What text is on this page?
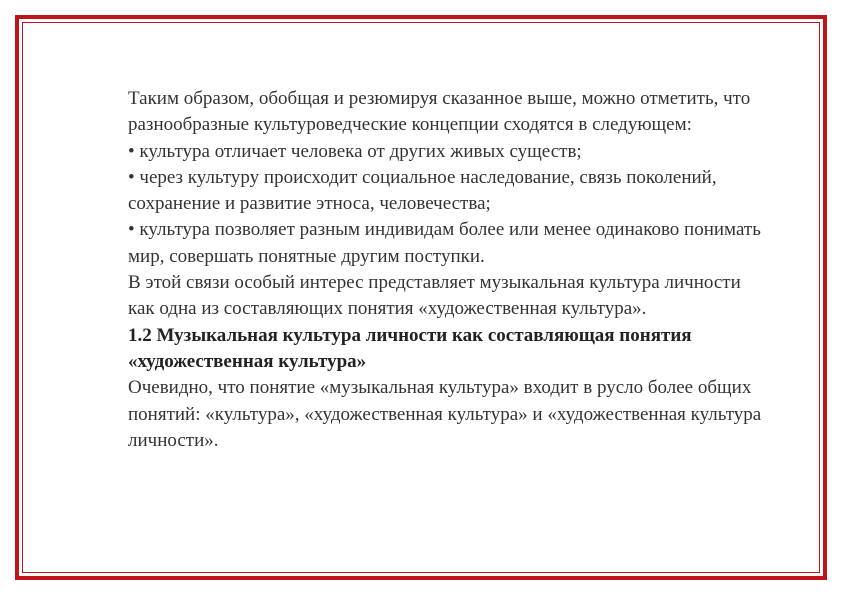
Таким образом, обобщая и резюмируя сказанное выше, можно отметить, что разнообразные культуроведческие концепции сходятся в следующем:

• культура отличает человека от других живых существ;

• через культуру происходит социальное наследование, связь поколений, сохранение и развитие этноса, человечества;

• культура позволяет разным индивидам более или менее одинаково понимать мир, совершать понятные другим поступки.

В этой связи особый интерес представляет музыкальная культура личности как одна из составляющих понятия «художественная культура».

1.2 Музыкальная культура личности как составляющая понятия «художественная культура»

Очевидно, что понятие «музыкальная культура» входит в русло более общих понятий: «культура», «художественная культура» и «художественная культура личности».
